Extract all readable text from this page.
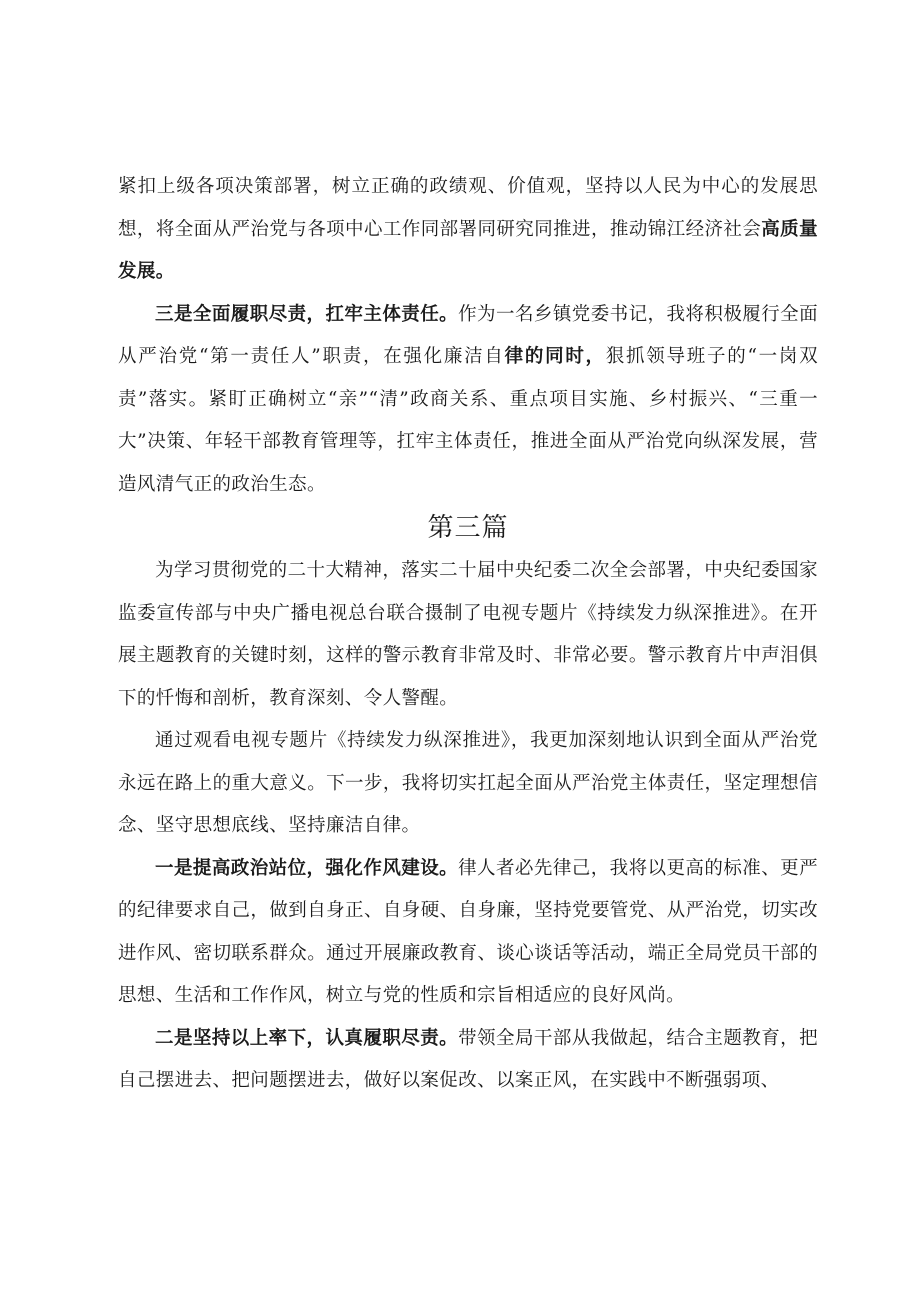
紧扣上级各项决策部署，树立正确的政绩观、价值观，坚持以人民为中心的发展思想，将全面从严治党与各项中心工作同部署同研究同推进，推动锦江经济社会高质量发展。

三是全面履职尽责，扛牢主体责任。作为一名乡镇党委书记，我将积极履行全面从严治党“第一责任人”职责，在强化廉洁自律的同时，狠抓领导班子的“一岗双责”落实。紧盯正确树立“亲”“清”政商关系、重点项目实施、乡村振兴、“三重一大”决策、年轻干部教育管理等，扛牢主体责任，推进全面从严治党向纵深发展，营造风清气正的政治生态。

第三篇

为学习贯彻党的二十大精神，落实二十届中央纪委二次全会部署，中央纪委国家监委宣传部与中央广播电视总台联合摄制了电视专题片《持续发力纵深推进》。在开展主题教育的关键时刻，这样的警示教育非常及时、非常必要。警示教育片中声泪俱下的忏悔和剖析，教育深刻、令人警醒。

通过观看电视专题片《持续发力纵深推进》，我更加深刻地认识到全面从严治党永远在路上的重大意义。下一步，我将切实扛起全面从严治党主体责任，坚定理想信念、坚守思想底线、坚持廉洁自律。

一是提高政治站位，强化作风建设。律人者必先律己，我将以更高的标准、更严的纪律要求自己，做到自身正、自身硬、自身廉，坚持党要管党、从严治党，切实改进作风、密切联系群众。通过开展廉政教育、谈心谈话等活动，端正全局党员干部的思想、生活和工作作风，树立与党的性质和宗旨相适应的良好风尚。

二是坚持以上率下，认真履职尽责。带领全局干部从我做起，结合主题教育，把自己摆进去、把问题摆进去，做好以案促改、以案正风，在实践中不断强弱项、
